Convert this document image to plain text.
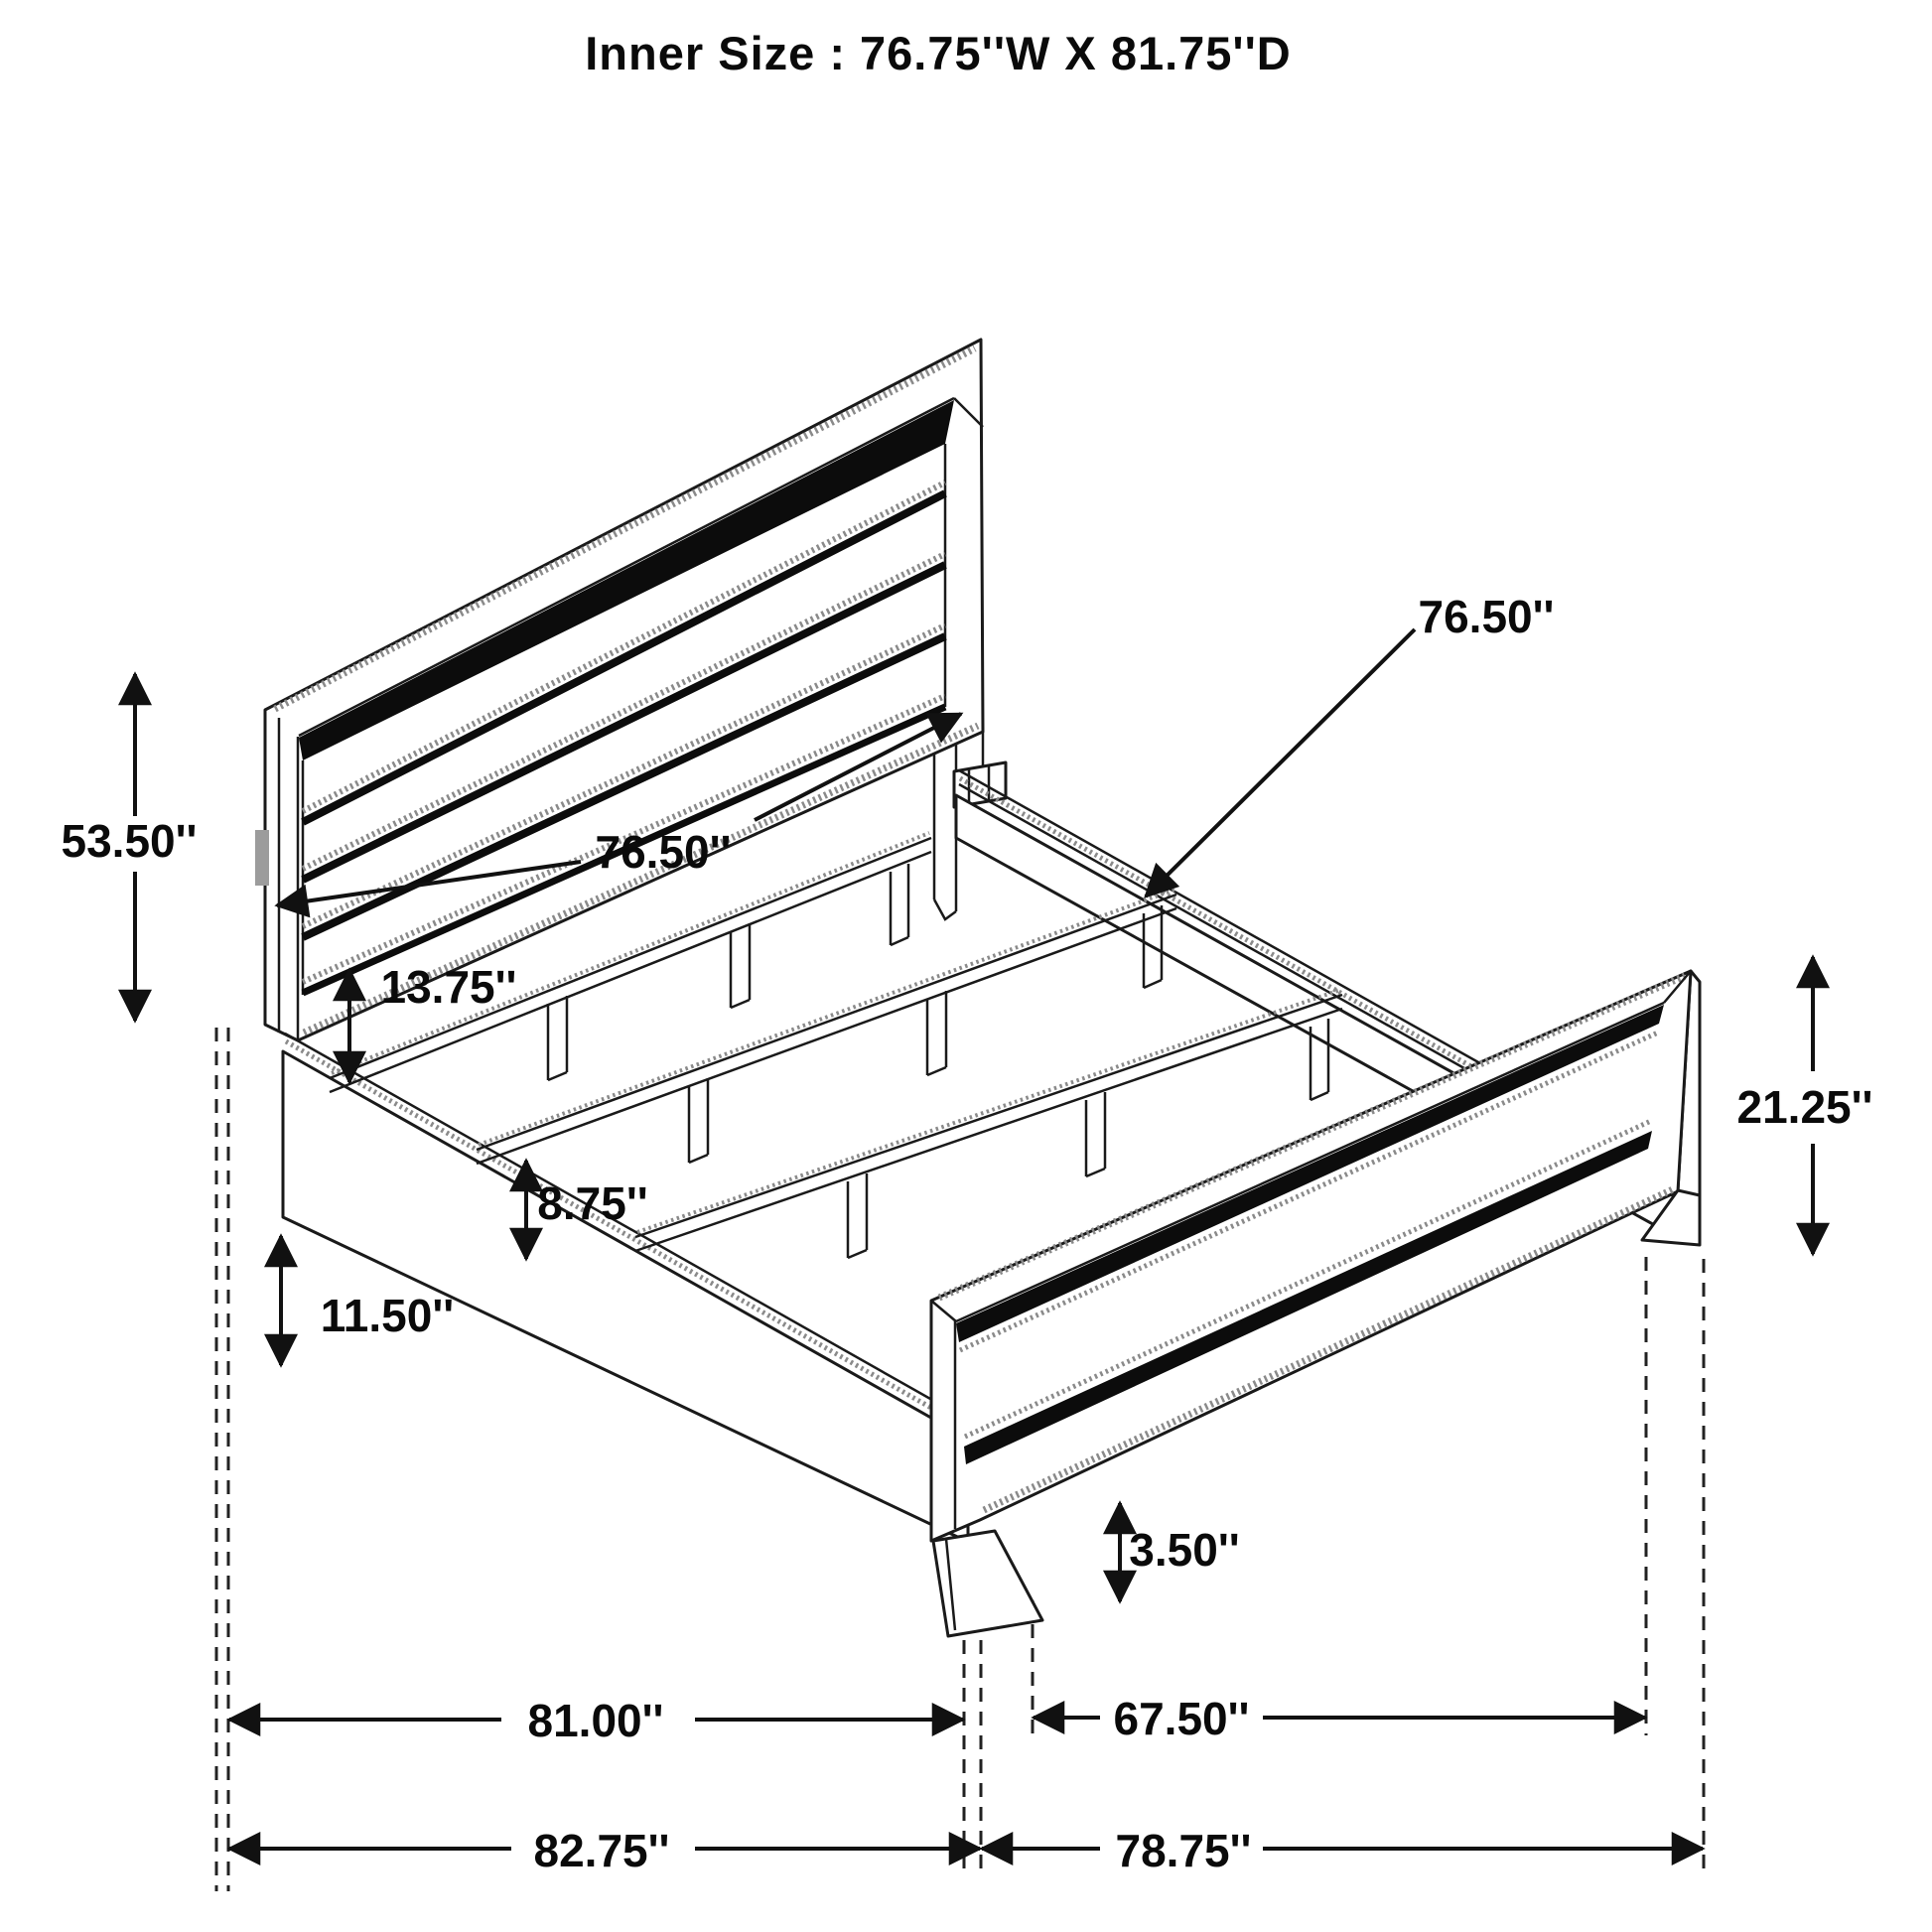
Inner Size : 76.75''W X 81.75''D
53.50''	76.50''
76.50''
13.75''
11.50''
8.75''
21.25''
3.50''
81.00''	67.50''
82.75''	78.75''
